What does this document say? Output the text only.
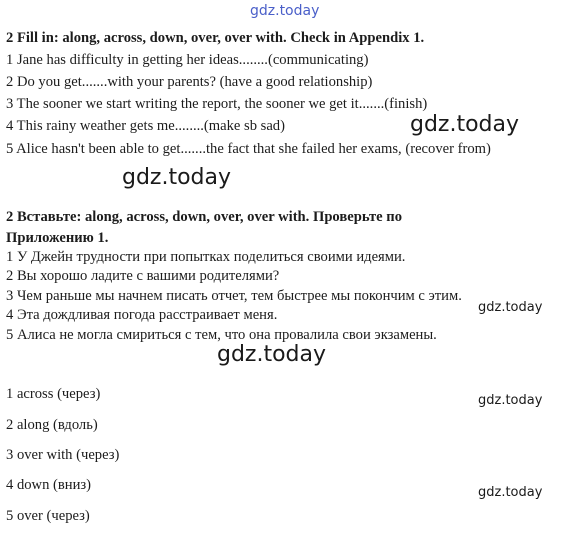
gdz.today
gdz.today
gdz.today
gdz.today
gdz.today
gdz.today
gdz.today
2 Fill in: along, across, down, over, over with. Check in Appendix 1.
1 Jane has difficulty in getting her ideas........(communicating)
2 Do you get.......with your parents? (have a good relationship)
3 The sooner we start writing the report, the sooner we get it.......(finish)
4 This rainy weather gets me........(make sb sad)
5 Alice hasn't been able to get.......the fact that she failed her exams, (recover from)
2 Вставьте: along, across, down, over, over with. Проверьте по
Приложению 1.
1 У Джейн трудности при попытках поделиться своими идеями.
2 Вы хорошо ладите с вашими родителями?
3 Чем раньше мы начнем писать отчет, тем быстрее мы покончим с этим.
4 Эта дождливая погода расстраивает меня.
5 Алиса не могла смириться с тем, что она провалила свои экзамены.
1 across (через)
2 along (вдоль)
3 over with (через)
4 down (вниз)
5 over (через)
